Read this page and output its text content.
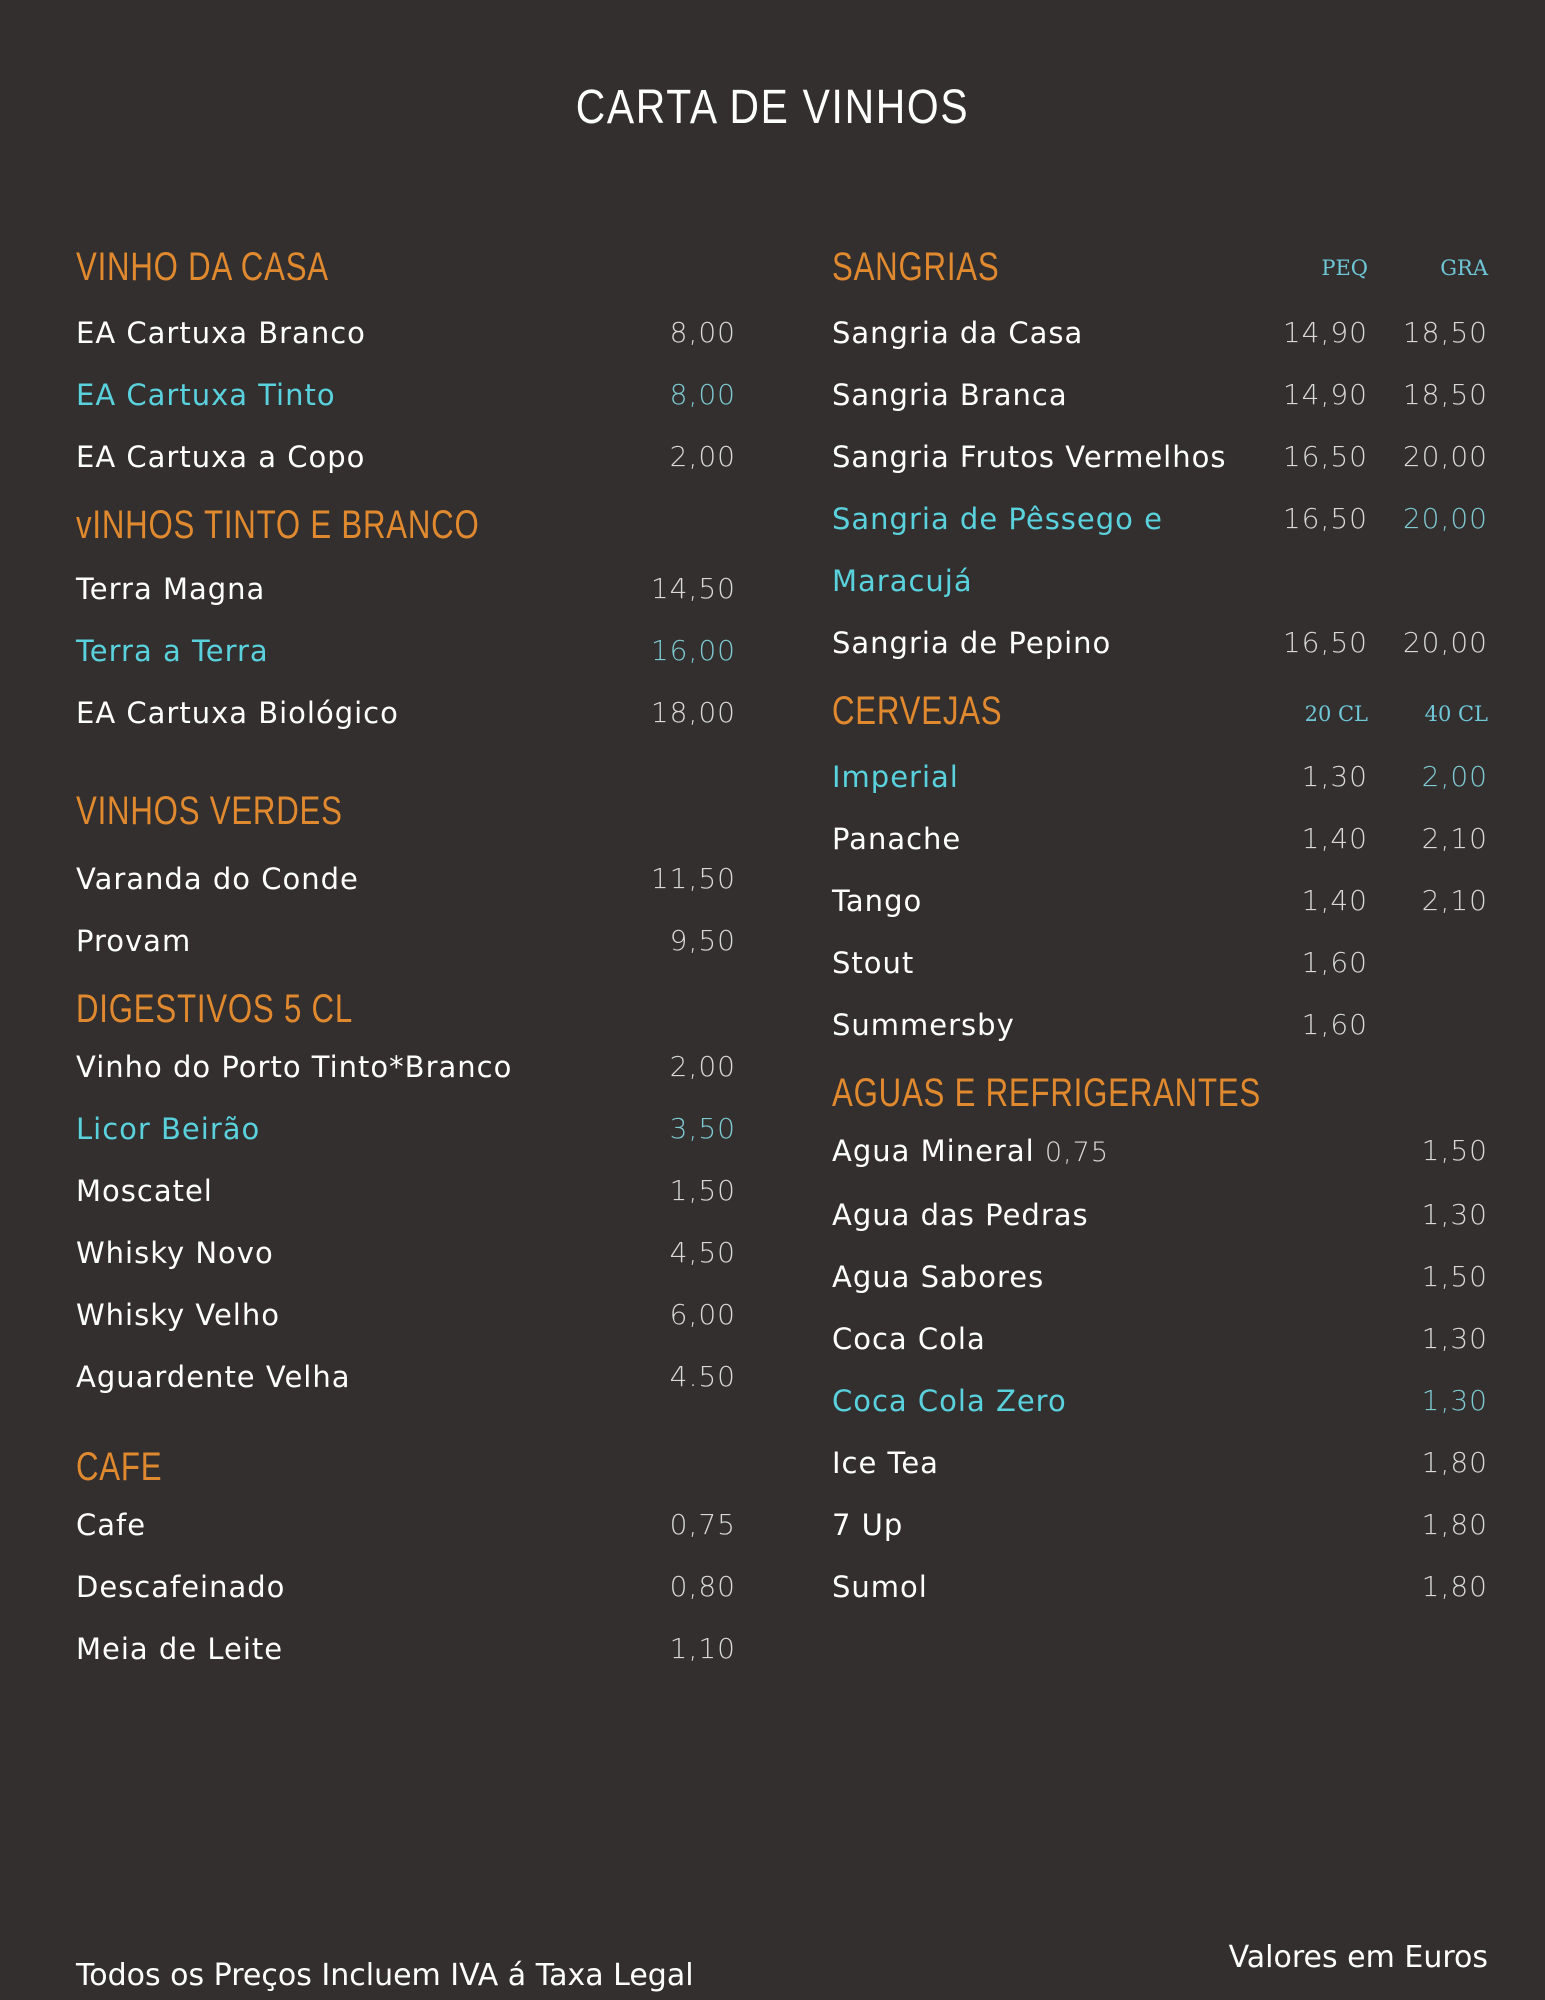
CARTA DE VINHOS
VINHO DA CASA
EA Cartuxa Branco	8,00
EA Cartuxa Tinto	8,00
EA Cartuxa a Copo	2,00
vINHOS TINTO E BRANCO
Terra Magna	14,50
Terra a Terra	16,00
EA Cartuxa Biológico	18,00
VINHOS VERDES
Varanda do Conde	11,50
Provam	9,50
DIGESTIVOS 5 CL
Vinho do Porto Tinto*Branco	2,00
Licor Beirão	3,50
Moscatel	1,50
Whisky Novo	4,50
Whisky Velho	6,00
Aguardente Velha	4.50
CAFE
Cafe	0,75
Descafeinado	0,80
Meia de Leite	1,10
SANGRIAS	PEQ	GRA
Sangria da Casa	14,90	18,50
Sangria Branca	14,90	18,50
Sangria Frutos Vermelhos	16,50	20,00
Sangria de Pêssego e Maracujá
16,50	20,00
Sangria de Pepino	16,50	20,00
CERVEJAS	20 CL	40 CL
Imperial	1,30	2,00
Panache	1,40	2,10
Tango	1,40	2,10
Stout	1,60
Summersby	1,60
AGUAS E REFRIGERANTES
Agua Mineral 0,75	1,50
Agua das Pedras	1,30
Agua Sabores	1,50
Coca Cola	1,30
Coca Cola Zero	1,30
Ice Tea	1,80
7 Up	1,80
Sumol	1,80
Todos os Preços Incluem IVA á Taxa Legal
Valores em Euros
